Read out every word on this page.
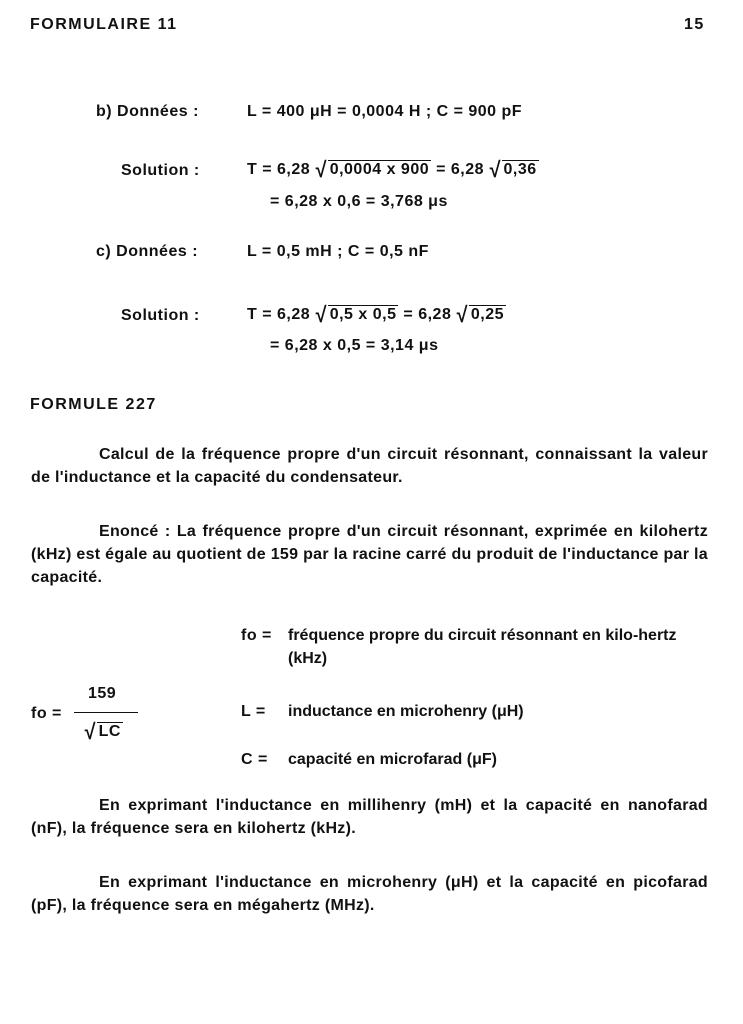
FORMULAIRE 11	15
b) Données :	L = 400 μH = 0,0004 H ; C = 900 pF
Solution :	T = 6,28 √ 0,0004 x 900 = 6,28 √ 0,36
= 6,28 x 0,6 = 3,768 μs
c) Données :	L = 0,5 mH ; C = 0,5 nF
Solution :	T = 6,28 √ 0,5 x 0,5 = 6,28 √ 0,25
= 6,28 x 0,5 = 3,14 μs
FORMULE 227
Calcul de la fréquence propre d'un circuit résonnant, connaissant la valeur de l'inductance et la capacité du condensateur.
Enoncé : La fréquence propre d'un circuit résonnant, exprimée en kilohertz (kHz) est égale au quotient de 159 par la racine carré du produit de l'inductance par la capacité.
fo =
159
√ LC
fo = fréquence propre du circuit résonnant en kilo-hertz (kHz)
L = inductance en microhenry (μH)
C = capacité en microfarad (μF)
En exprimant l'inductance en millihenry (mH) et la capacité en nanofarad (nF), la fréquence sera en kilohertz (kHz).
En exprimant l'inductance en microhenry (μH) et la capacité en picofarad (pF), la fréquence sera en mégahertz (MHz).
